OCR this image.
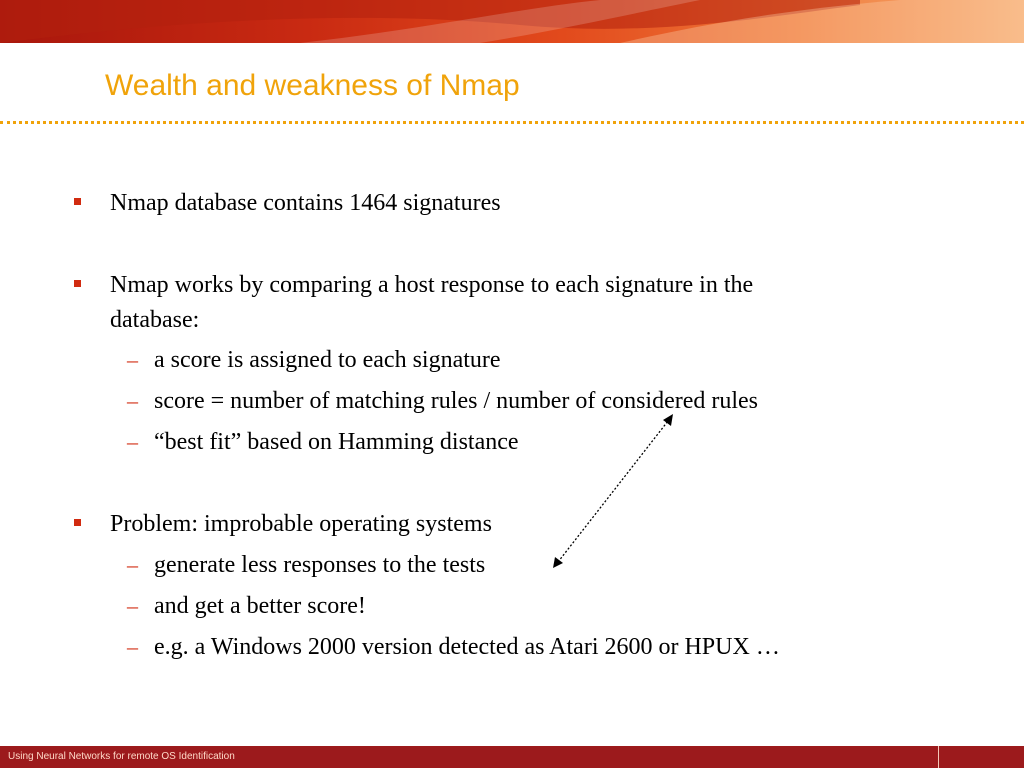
Wealth and weakness of Nmap
Nmap database contains 1464 signatures
Nmap works by comparing a host response to each signature in the
database:
– a score is assigned to each signature
– score = number of matching rules / number of considered rules
– “best fit” based on Hamming distance
Problem: improbable operating systems
– generate less responses to the tests
– and get a better score!
– e.g. a Windows 2000 version detected as Atari 2600 or HPUX …
Using Neural Networks for remote OS Identification
